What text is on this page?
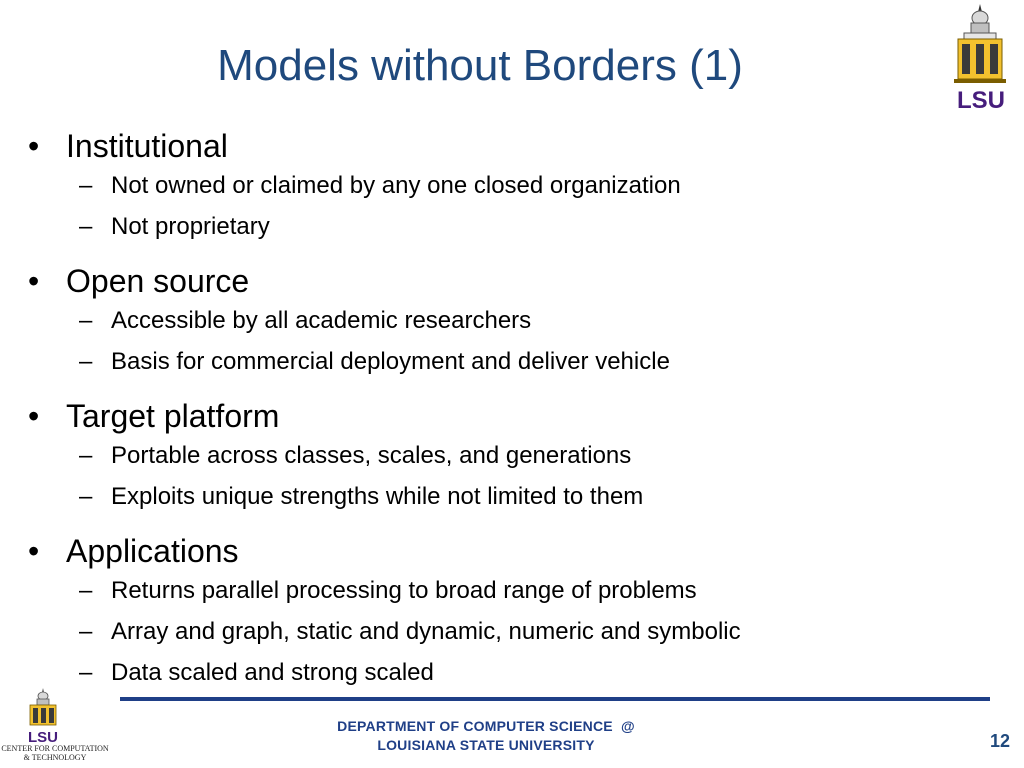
Models without Borders (1)
LSU
• Institutional
– Not owned or claimed by any one closed organization
– Not proprietary
• Open source
– Accessible by all academic researchers
– Basis for commercial deployment and deliver vehicle
• Target platform
– Portable across classes, scales, and generations
– Exploits unique strengths while not limited to them
• Applications
– Returns parallel processing to broad range of problems
– Array and graph, static and dynamic, numeric and symbolic
– Data scaled and strong scaled
LSU
CENTER FOR COMPUTATION
& TECHNOLOGY
DEPARTMENT OF COMPUTER SCIENCE  @
LOUISIANA STATE UNIVERSITY	12
